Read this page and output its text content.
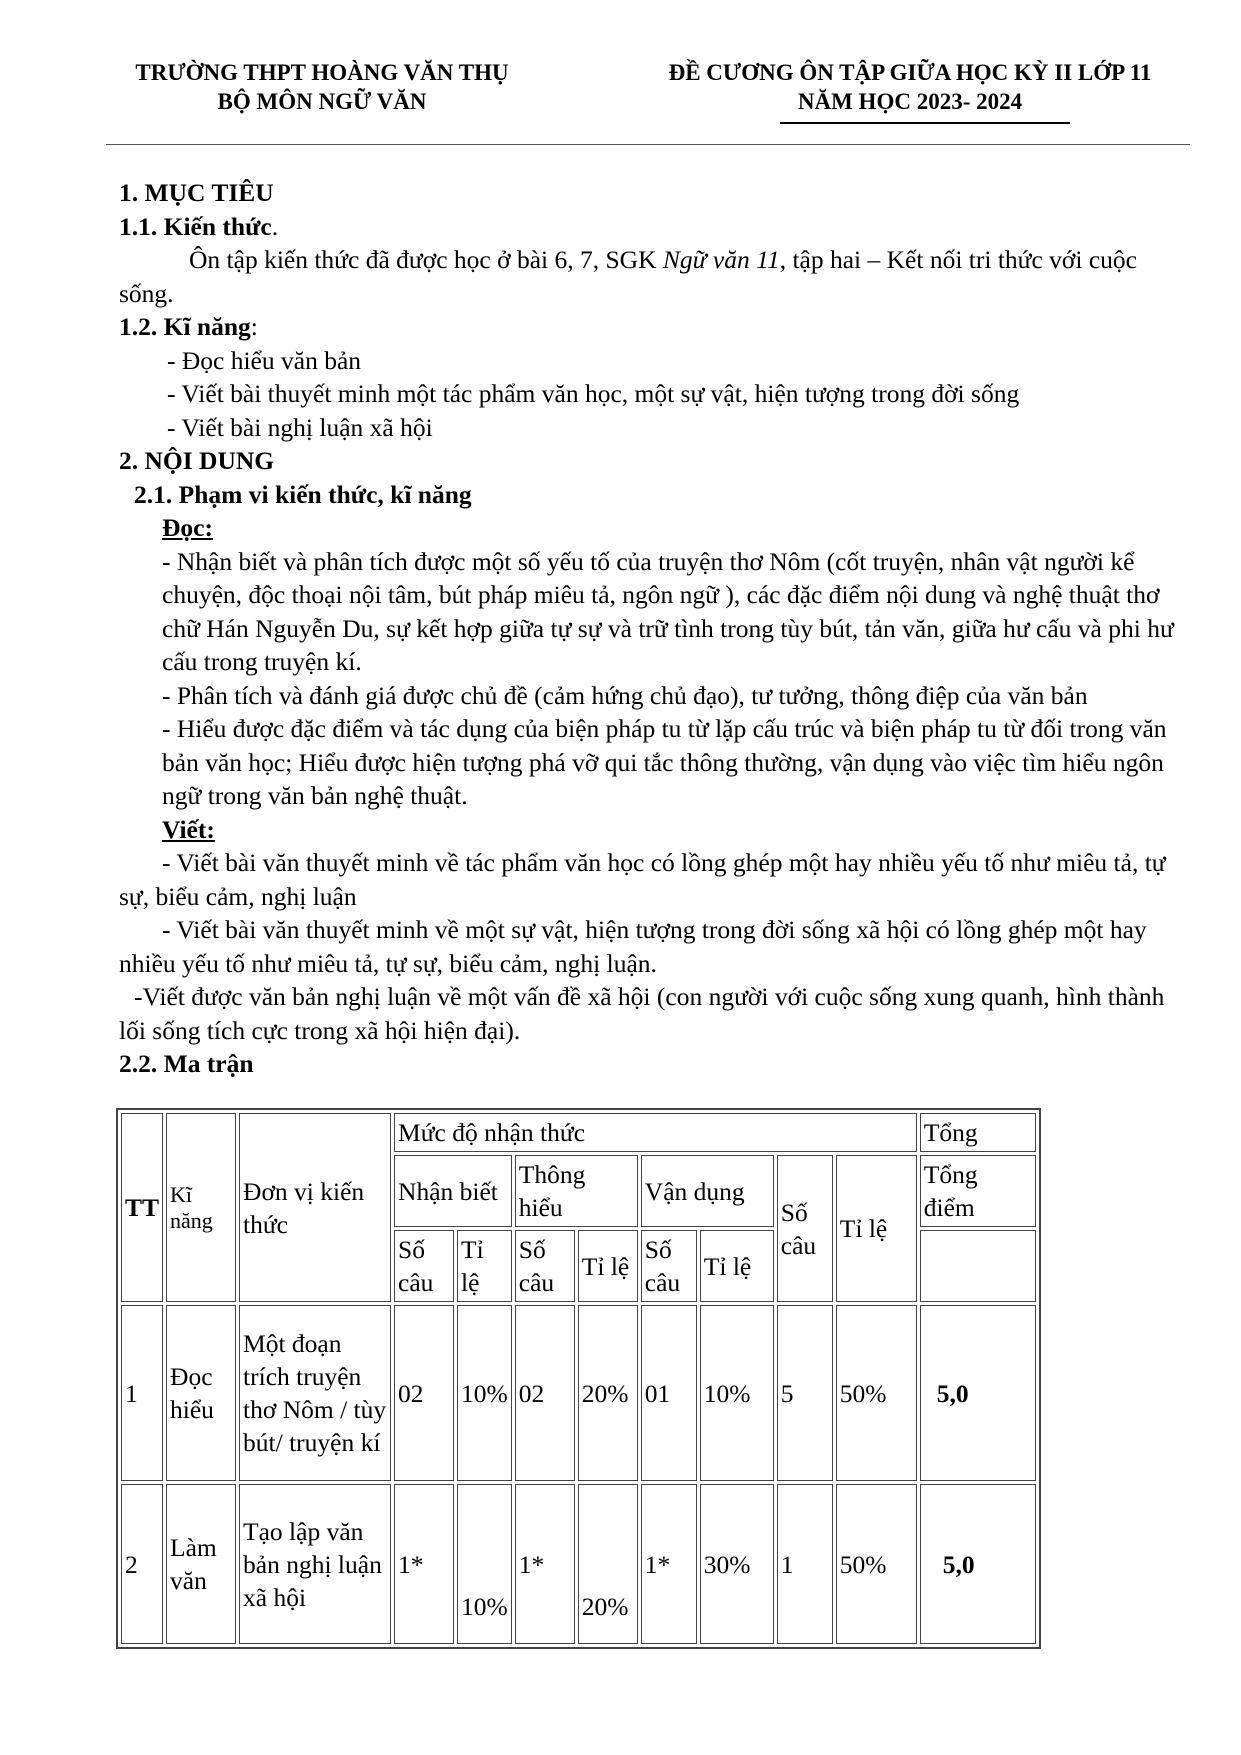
TRƯỜNG THPT HOÀNG VĂN THỤ
BỘ MÔN NGỮ VĂN
ĐỀ CƯƠNG ÔN TẬP GIỮA HỌC KỲ II LỚP 11
NĂM HỌC 2023- 2024

1. MỤC TIÊU

1.1. Kiến thức.

Ôn tập kiến thức đã được học ở bài 6, 7, SGK Ngữ văn 11, tập hai – Kết nối tri thức với cuộc sống.

1.2. Kĩ năng:

- Đọc hiểu văn bản

- Viết bài thuyết minh một tác phẩm văn học, một sự vật, hiện tượng trong đời sống

- Viết bài nghị luận xã hội

2. NỘI DUNG

2.1. Phạm vi kiến thức, kĩ năng

Đọc:

- Nhận biết và phân tích được một số yếu tố của truyện thơ Nôm (cốt truyện, nhân vật người kể chuyện, độc thoại nội tâm, bút pháp miêu tả, ngôn ngữ ), các đặc điểm nội dung và nghệ thuật thơ chữ Hán Nguyễn Du, sự kết hợp giữa tự sự và trữ tình trong tùy bút, tản văn, giữa hư cấu và phi hư cấu trong truyện kí.

- Phân tích và đánh giá được chủ đề (cảm hứng chủ đạo), tư tưởng, thông điệp của văn bản

- Hiểu được đặc điểm và tác dụng của biện pháp tu từ lặp cấu trúc và biện pháp tu từ đối trong văn bản văn học; Hiểu được hiện tượng phá vỡ qui tắc thông thường, vận dụng vào việc tìm hiểu ngôn ngữ trong văn bản nghệ thuật.

Viết:

- Viết bài văn thuyết minh về tác phẩm văn học có lồng ghép một hay nhiều yếu tố như miêu tả, tự sự, biểu cảm, nghị luận

- Viết bài văn thuyết minh về một sự vật, hiện tượng trong đời sống xã hội có lồng ghép một hay nhiều yếu tố như miêu tả, tự sự, biểu cảm, nghị luận.

-Viết được văn bản nghị luận về một vấn đề xã hội (con người với cuộc sống xung quanh, hình thành lối sống tích cực trong xã hội hiện đại).

2.2. Ma trận

TT	Kĩ năng	Đơn vị kiến thức	Mức độ nhận thức								Tổng
			Nhận biết		Thông hiểu		Vận dụng		Số câu	Tỉ lệ	Tổng điểm
			Số câu	Tỉ lệ	Số câu	Tỉ lệ	Số câu	Tỉ lệ			
1	Đọc hiểu	Một đoạn trích truyện thơ Nôm / tùy bút/ truyện kí	02	10%	02	20%	01	10%	5	50%	5,0
2	Làm văn	Tạo lập văn bản nghị luận xã hội	1*	10%	1*	20%	1*	30%	1	50%	5,0
